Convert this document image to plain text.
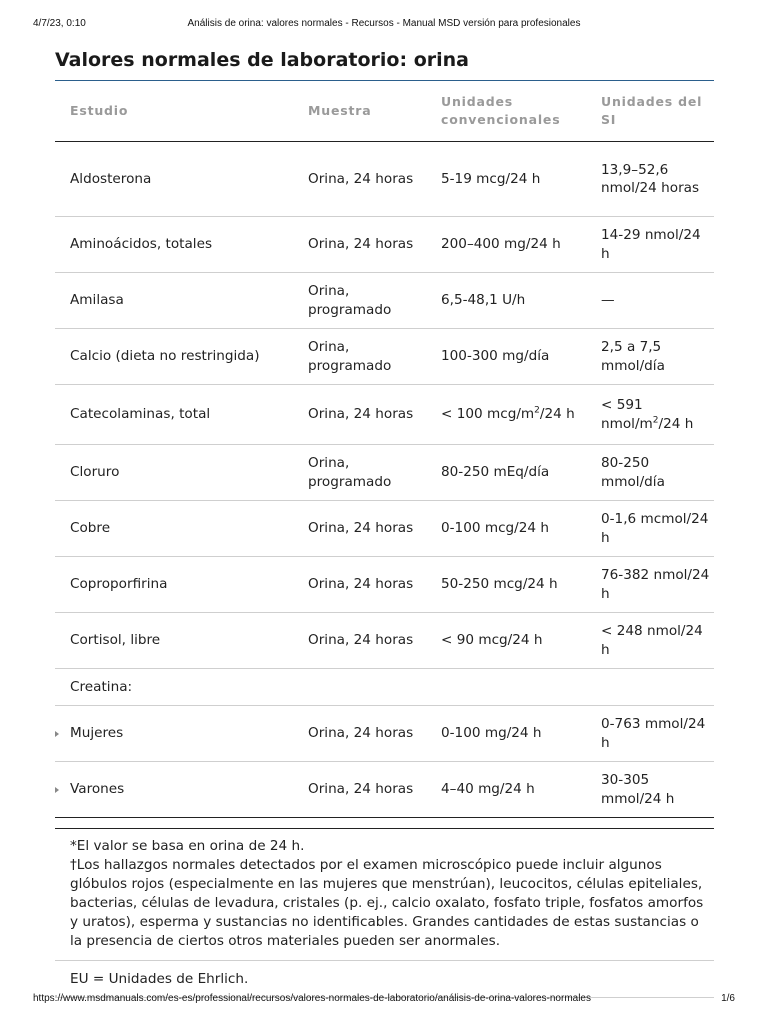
4/7/23, 0:10	Análisis de orina: valores normales - Recursos - Manual MSD versión para profesionales
Valores normales de laboratorio: orina
Estudio	Muestra	Unidades convencionales	Unidades del SI
Aldosterona	Orina, 24 horas	5-19 mcg/24 h	13,9–52,6 nmol/24 horas
Aminoácidos, totales	Orina, 24 horas	200–400 mg/24 h	14-29 nmol/24 h
Amilasa	Orina, programado	6,5-48,1 U/h	—
Calcio (dieta no restringida)	Orina, programado	100-300 mg/día	2,5 a 7,5 mmol/día
Catecolaminas, total	Orina, 24 horas	< 100 mcg/$m^2/24$ h	< 591 nmol/$m^2/24$ h
Cloruro	Orina, programado	80-250 mEq/día	80-250 mmol/día
Cobre	Orina, 24 horas	0-100 mcg/24 h	0-1,6 mcmol/24 h
Coproporfirina	Orina, 24 horas	50-250 mcg/24 h	76-382 nmol/24 h
Cortisol, libre	Orina, 24 horas	< 90 mcg/24 h	< 248 nmol/24 h
Creatina:			

Mujeres	Orina, 24 horas	0-100 mg/24 h	0-763 mmol/24 h

Varones	Orina, 24 horas	4–40 mg/24 h	30-305 mmol/24 h

*El valor se basa en orina de 24 h.

†Los hallazgos normales detectados por el examen microscópico puede incluir algunos glóbulos rojos (especialmente en las mujeres que menstrúan), leucocitos, células epiteliales, bacterias, células de levadura, cristales (p. ej., calcio oxalato, fosfato triple, fosfatos amorfos y uratos), esperma y sustancias no identificables. Grandes cantidades de estas sustancias o la presencia de ciertos otros materiales pueden ser anormales.

EU = Unidades de Ehrlich.

https://www.msdmanuals.com/es-es/professional/recursos/valores-normales-de-laboratorio/análisis-de-orina-valores-normales	1/6
